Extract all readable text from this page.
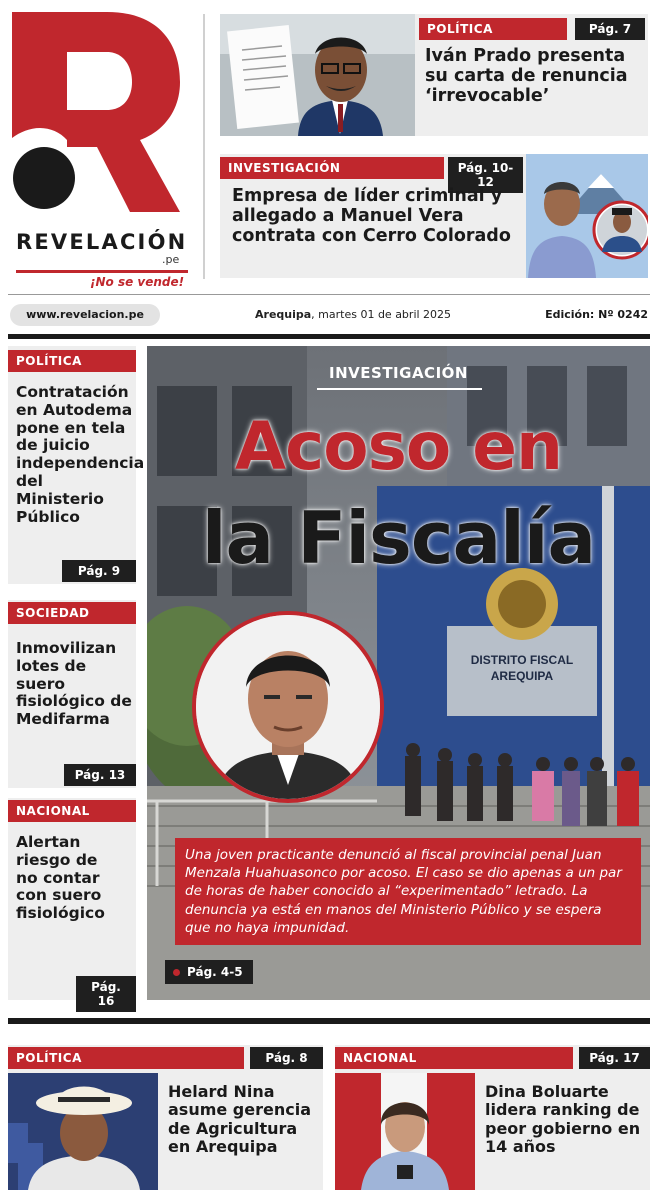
REVELACIÓN
.pe
¡No se vende!
POLÍTICA	Pág. 7
Iván Prado presenta su carta de renuncia ‘irrevocable’
INVESTIGACIÓN	Pág. 10-12
Empresa de líder criminal y allegado a Manuel Vera contrata con Cerro Colorado
www.revelacion.pe	Arequipa, martes 01 de abril 2025	Edición: Nº 0242
POLÍTICA
Contratación en Autodema pone en tela de juicio independencia del Ministerio Público
Pág. 9
SOCIEDAD
Inmovilizan lotes de suero fisiológico de Medifarma
Pág. 13
NACIONAL
Alertan riesgo de no contar con suero fisiológico
Pág. 16
DISTRITO FISCAL
AREQUIPA
INVESTIGACIÓN
Acoso en
la Fiscalía
Una joven practicante denunció al fiscal provincial penal Juan Menzala Huahuasonco por acoso. El caso se dio apenas a un par de horas de haber conocido al “experimentado” letrado. La denuncia ya está en manos del Ministerio Público y se espera que no haya impunidad.
Pág. 4-5
POLÍTICA	Pág. 8
Helard Nina asume gerencia de Agricultura en Arequipa
NACIONAL	Pág. 17
Dina Boluarte lidera ranking de peor gobierno en 14 años
